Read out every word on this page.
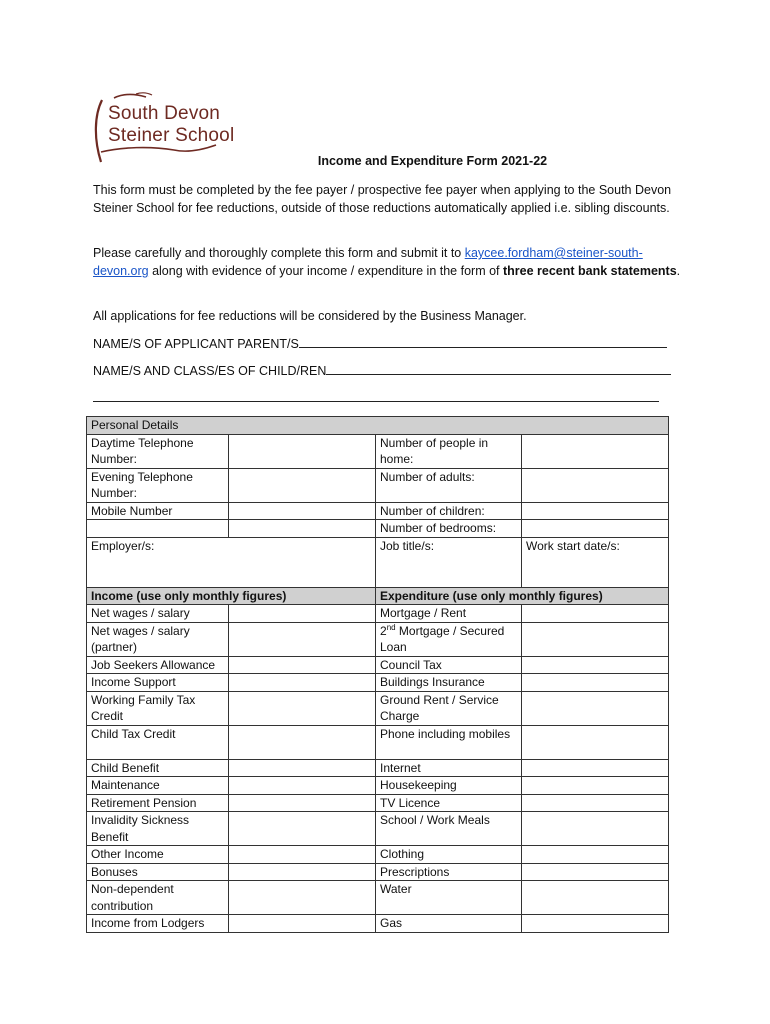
South Devon
Steiner School
Income and Expenditure Form 2021-22
This form must be completed by the fee payer / prospective fee payer when applying to the South Devon Steiner School for fee reductions, outside of those reductions automatically applied i.e. sibling discounts.
Please carefully and thoroughly complete this form and submit it to kaycee.fordham@steiner-south-devon.org along with evidence of your income / expenditure in the form of three recent bank statements.
All applications for fee reductions will be considered by the Business Manager.
NAME/S OF APPLICANT PARENT/S
NAME/S AND CLASS/ES OF CHILD/REN
Personal Details			
Daytime Telephone Number:		Number of people in home:	
Evening Telephone Number:		Number of adults:	
Mobile Number		Number of children:	
		Number of bedrooms:	
Employer/s:		Job title/s:	Work start date/s:
Income (use only monthly figures)		Expenditure (use only monthly figures)	
Net wages / salary		Mortgage / Rent	
Net wages / salary (partner)		2nd Mortgage / Secured Loan	
Job Seekers Allowance		Council Tax	
Income Support		Buildings Insurance	
Working Family Tax Credit		Ground Rent / Service Charge	
Child Tax Credit		Phone including mobiles	
Child Benefit		Internet	
Maintenance		Housekeeping	
Retirement Pension		TV Licence	
Invalidity Sickness Benefit		School / Work Meals	
Other Income		Clothing	
Bonuses		Prescriptions	
Non-dependent contribution		Water	
Income from Lodgers		Gas	
